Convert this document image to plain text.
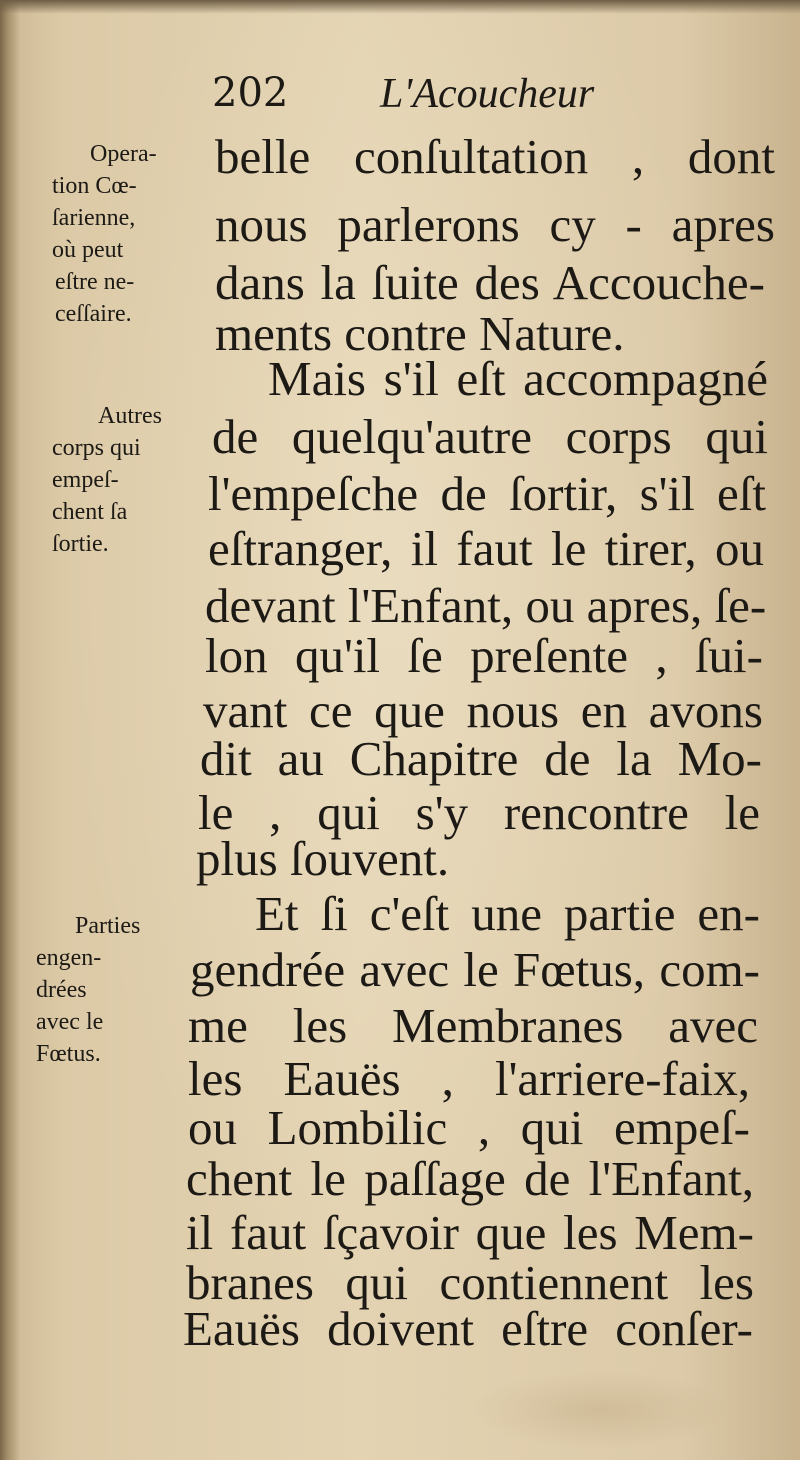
202 L'Acoucheur
Opera-
tion Cœ-
ſarienne,
où peut
eſtre ne-
ceſſaire.
Autres
corps qui
empeſ-
chent ſa
ſortie.
Parties
engen-
drées
avec le
Fœtus.
belle conſultation , dont
nous parlerons cy - apres
dans la ſuite des Accouche-
ments contre Nature.
Mais s'il eſt accompagné
de quelqu'autre corps qui
l'empeſche de ſortir, s'il eſt
eſtranger, il faut le tirer, ou
devant l'Enfant, ou apres, ſe-
lon qu'il ſe preſente , ſui-
vant ce que nous en avons
dit au Chapitre de la Mo-
le , qui s'y rencontre le
plus ſouvent.
Et ſi c'eſt une partie en-
gendrée avec le Fœtus, com-
me les Membranes avec
les Eauës , l'arriere-faix,
ou Lombilic , qui empeſ-
chent le paſſage de l'Enfant,
il faut ſçavoir que les Mem-
branes qui contiennent les
Eauës doivent eſtre conſer-
